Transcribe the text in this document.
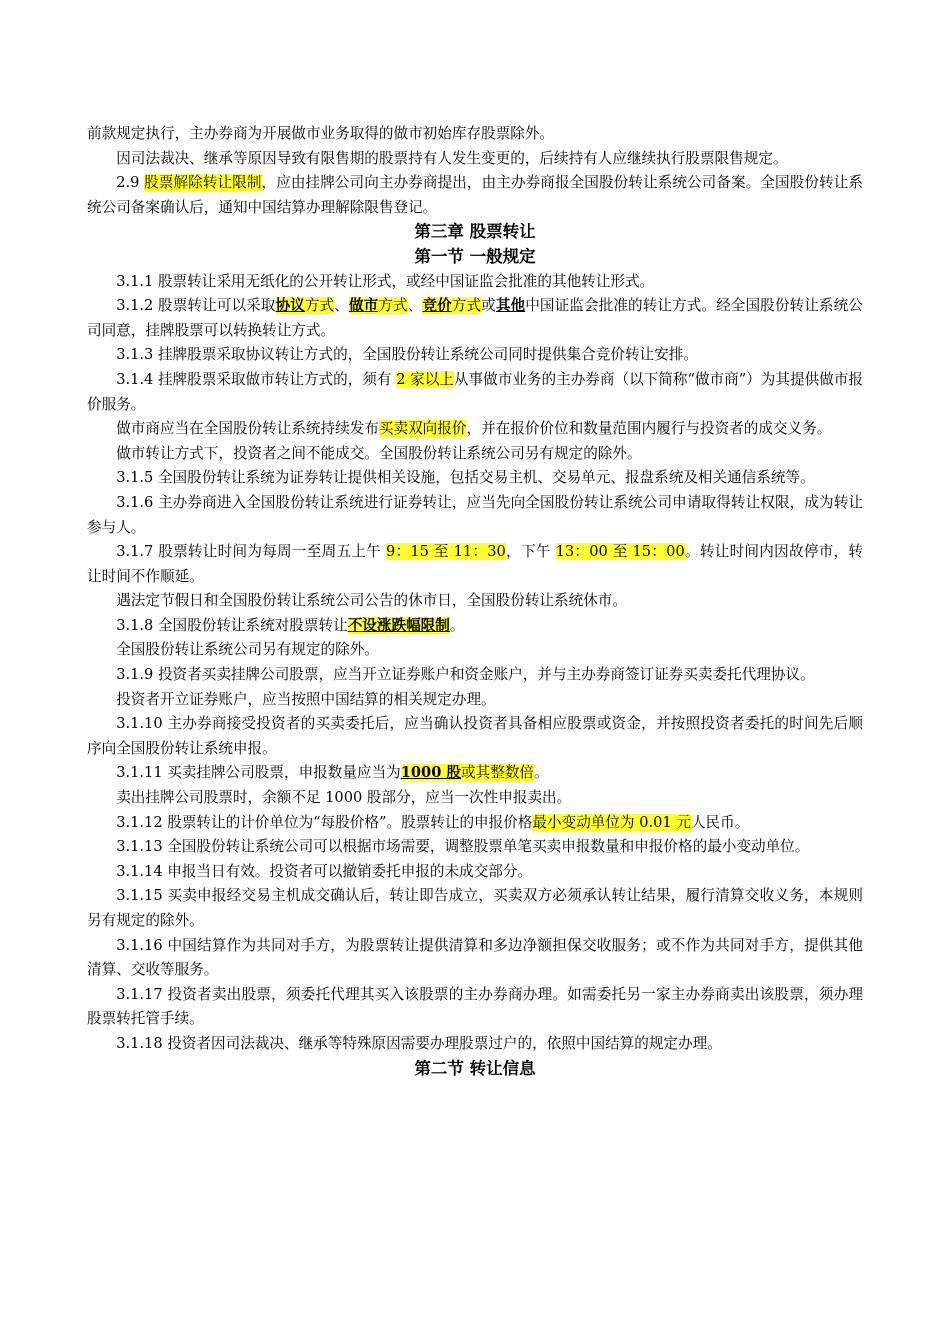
前款规定执行，主办券商为开展做市业务取得的做市初始库存股票除外。

因司法裁决、继承等原因导致有限售期的股票持有人发生变更的，后续持有人应继续执行股票限售规定。

2.9 股票解除转让限制，应由挂牌公司向主办券商提出，由主办券商报全国股份转让系统公司备案。全国股份转让系统公司备案确认后，通知中国结算办理解除限售登记。

第三章 股票转让

第一节 一般规定

3.1.1 股票转让采用无纸化的公开转让形式，或经中国证监会批准的其他转让形式。

3.1.2 股票转让可以采取协议方式、做市方式、竞价方式或其他中国证监会批准的转让方式。经全国股份转让系统公司同意，挂牌股票可以转换转让方式。

3.1.3 挂牌股票采取协议转让方式的，全国股份转让系统公司同时提供集合竞价转让安排。

3.1.4 挂牌股票采取做市转让方式的，须有 2 家以上从事做市业务的主办券商（以下简称“做市商”）为其提供做市报价服务。

做市商应当在全国股份转让系统持续发布买卖双向报价，并在报价价位和数量范围内履行与投资者的成交义务。

做市转让方式下，投资者之间不能成交。全国股份转让系统公司另有规定的除外。

3.1.5 全国股份转让系统为证券转让提供相关设施，包括交易主机、交易单元、报盘系统及相关通信系统等。

3.1.6 主办券商进入全国股份转让系统进行证券转让，应当先向全国股份转让系统公司申请取得转让权限，成为转让参与人。

3.1.7 股票转让时间为每周一至周五上午 9：15 至 11：30，下午 13：00 至 15：00。转让时间内因故停市，转让时间不作顺延。

遇法定节假日和全国股份转让系统公司公告的休市日，全国股份转让系统休市。

3.1.8 全国股份转让系统对股票转让不设涨跌幅限制。

全国股份转让系统公司另有规定的除外。

3.1.9 投资者买卖挂牌公司股票，应当开立证券账户和资金账户，并与主办券商签订证券买卖委托代理协议。

投资者开立证券账户，应当按照中国结算的相关规定办理。

3.1.10 主办券商接受投资者的买卖委托后，应当确认投资者具备相应股票或资金，并按照投资者委托的时间先后顺序向全国股份转让系统申报。

3.1.11 买卖挂牌公司股票，申报数量应当为1000 股或其整数倍。

卖出挂牌公司股票时，余额不足 1000 股部分，应当一次性申报卖出。

3.1.12 股票转让的计价单位为“每股价格”。股票转让的申报价格最小变动单位为 0.01 元人民币。

3.1.13 全国股份转让系统公司可以根据市场需要，调整股票单笔买卖申报数量和申报价格的最小变动单位。

3.1.14 申报当日有效。投资者可以撤销委托申报的未成交部分。

3.1.15 买卖申报经交易主机成交确认后，转让即告成立，买卖双方必须承认转让结果，履行清算交收义务，本规则另有规定的除外。

3.1.16 中国结算作为共同对手方，为股票转让提供清算和多边净额担保交收服务；或不作为共同对手方，提供其他清算、交收等服务。

3.1.17 投资者卖出股票，须委托代理其买入该股票的主办券商办理。如需委托另一家主办券商卖出该股票，须办理股票转托管手续。

3.1.18 投资者因司法裁决、继承等特殊原因需要办理股票过户的，依照中国结算的规定办理。

第二节 转让信息
